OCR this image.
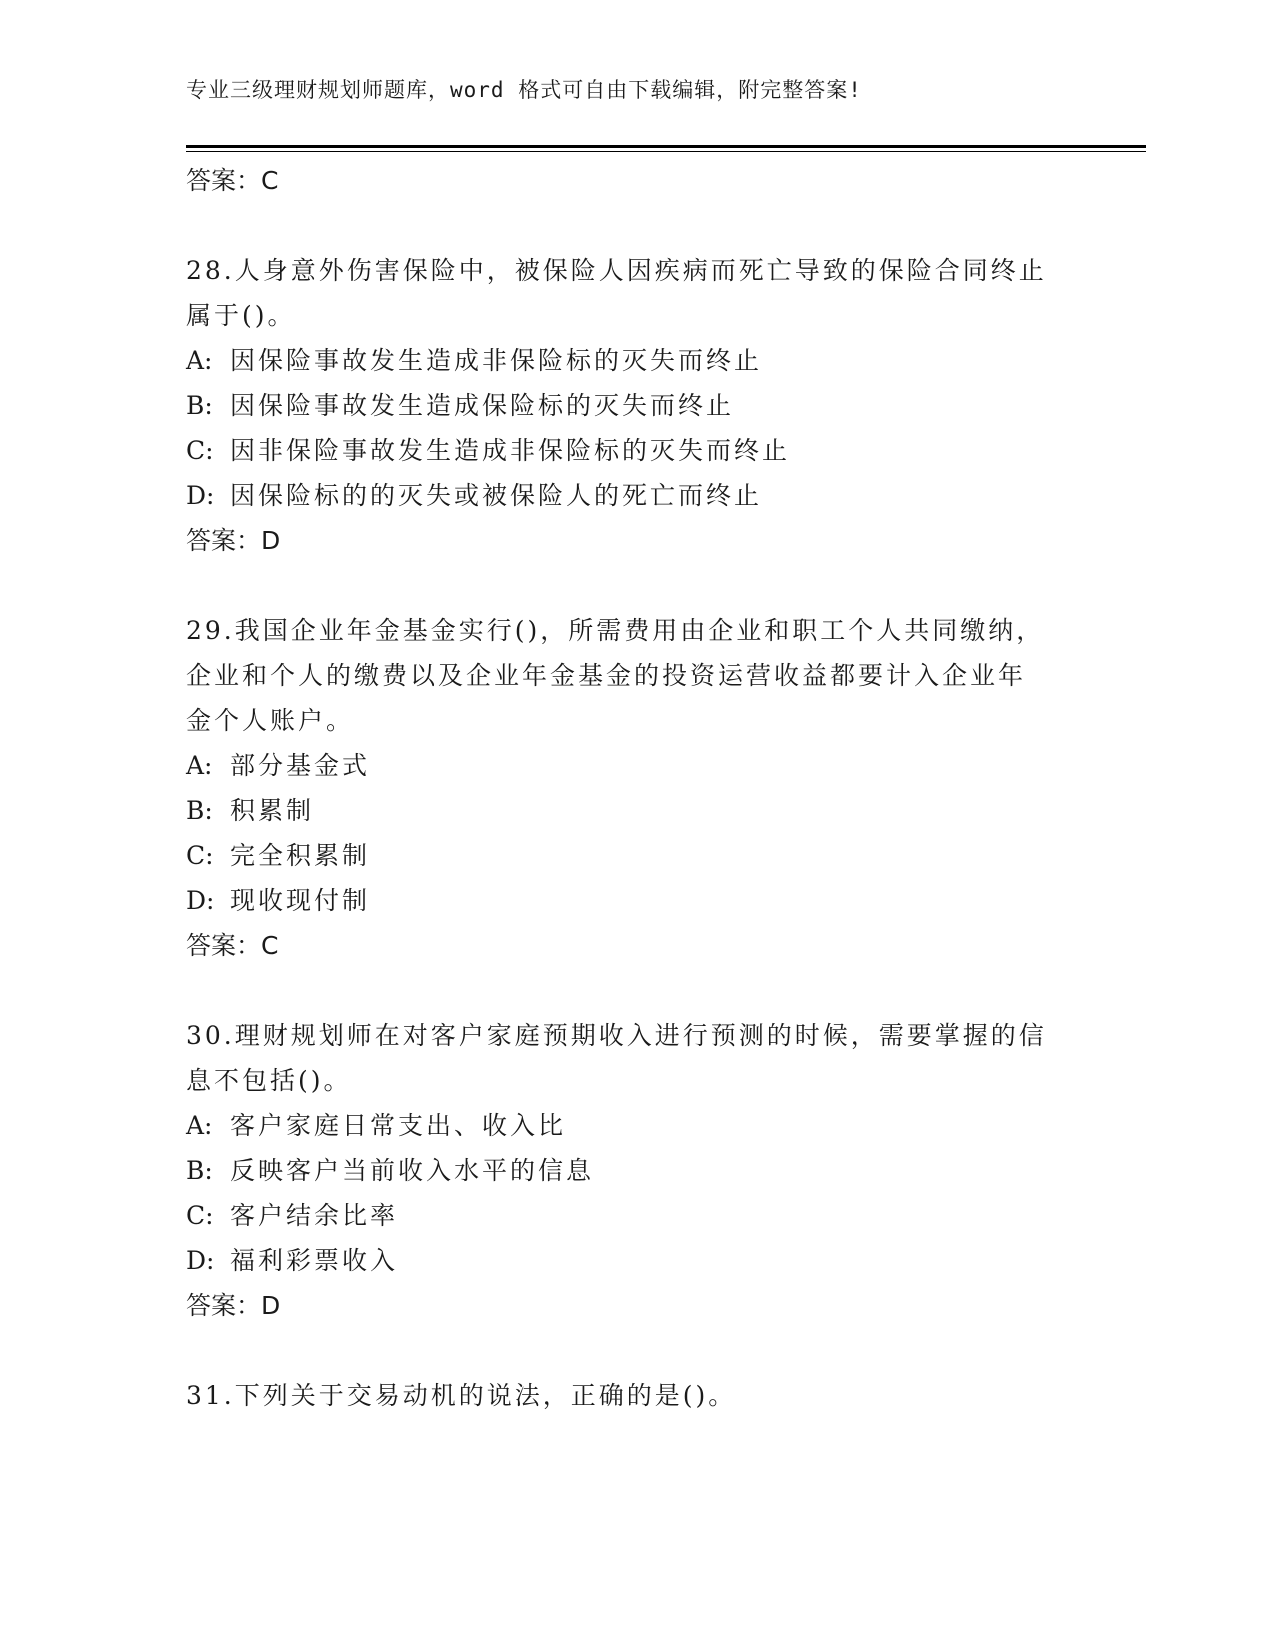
专业三级理财规划师题库，word 格式可自由下载编辑，附完整答案!
答案：C
28.人身意外伤害保险中，被保险人因疾病而死亡导致的保险合同终止
属于()。
A: 因保险事故发生造成非保险标的灭失而终止
B: 因保险事故发生造成保险标的灭失而终止
C: 因非保险事故发生造成非保险标的灭失而终止
D: 因保险标的的灭失或被保险人的死亡而终止
答案：D
29.我国企业年金基金实行()，所需费用由企业和职工个人共同缴纳，
企业和个人的缴费以及企业年金基金的投资运营收益都要计入企业年
金个人账户。
A: 部分基金式
B: 积累制
C: 完全积累制
D: 现收现付制
答案：C
30.理财规划师在对客户家庭预期收入进行预测的时候，需要掌握的信
息不包括()。
A: 客户家庭日常支出、收入比
B: 反映客户当前收入水平的信息
C: 客户结余比率
D: 福利彩票收入
答案：D
31.下列关于交易动机的说法，正确的是()。
